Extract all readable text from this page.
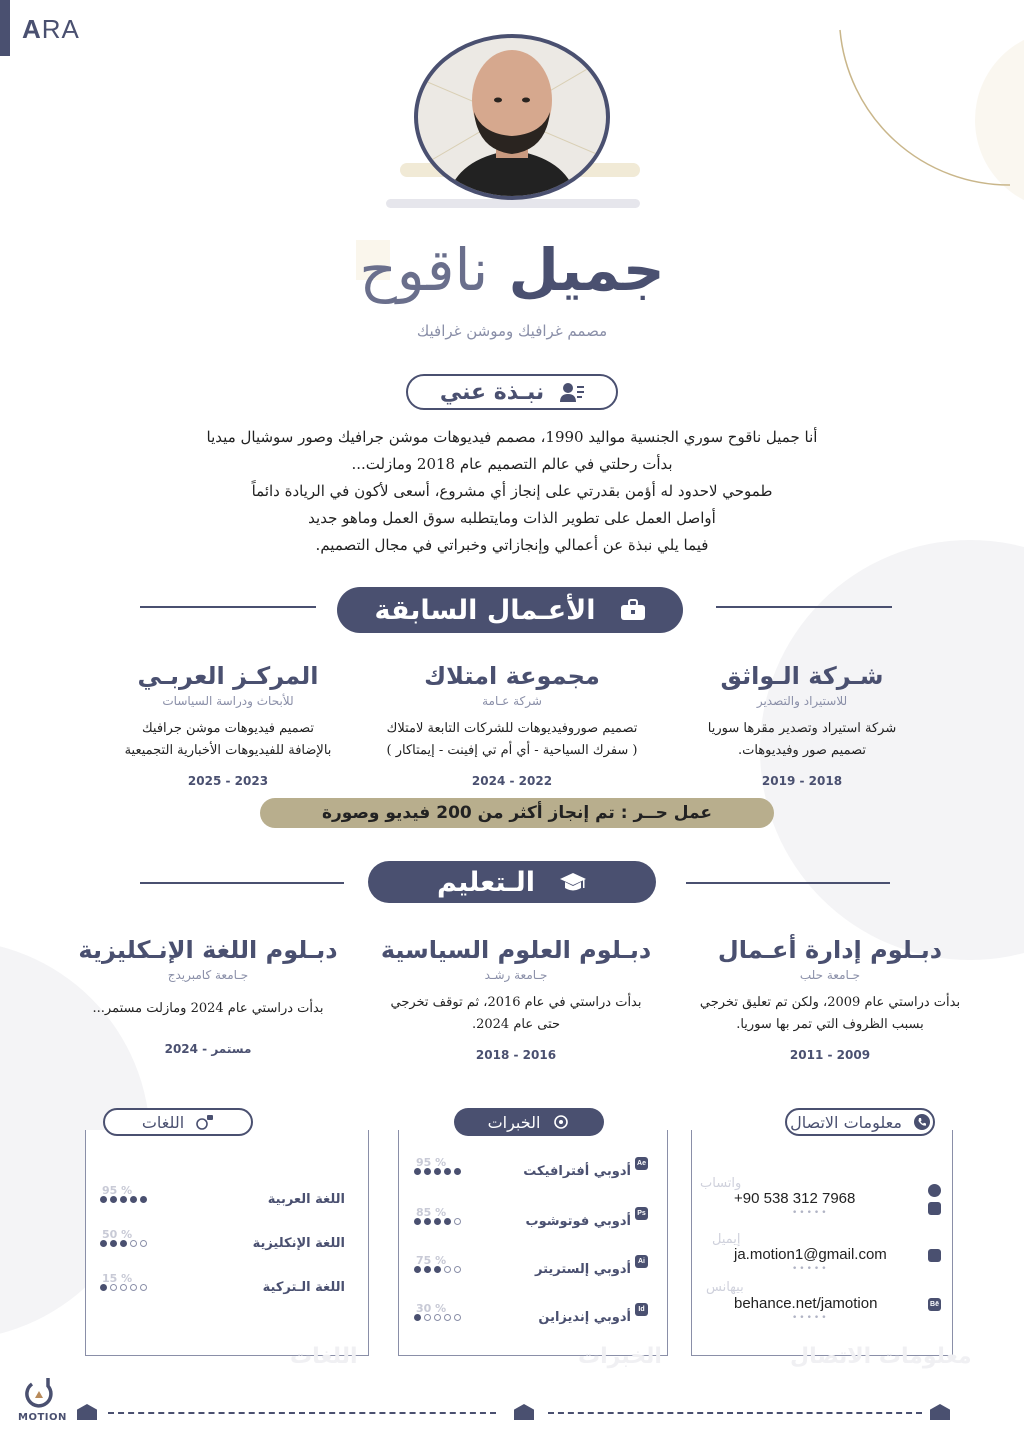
ARA
جميل ناقوح
مصمم غرافيك وموشن غرافيك
نبـذة عني
أنا جميل ناقوح سوري الجنسية مواليد 1990، مصمم فيديوهات موشن جرافيك وصور سوشيال ميديا
بدأت رحلتي في عالم التصميم عام 2018 ومازلت...
طموحي لاحدود له أؤمن بقدرتي على إنجاز أي مشروع، أسعى لأكون في الريادة دائماً
أواصل العمل على تطوير الذات ومايتطلبه سوق العمل وماهو جديد
فيما يلي نبذة عن أعمالي وإنجازاتي وخبراتي في مجال التصميم.
الأعـمال السابقة
شـركة الـواثق
للاستيراد والتصدير
شركة استيراد وتصدير مقرها سوريا
تصميم صور وفيديوهات.
2019 - 2018
مجموعة امتلاك
شركة عـامة
تصميم صوروفيديوهات للشركات التابعة لامتلاك
( سفرك السياحية - أي أم تي إفينت - إيمتاكار )
2024 - 2022
المركـز العربـي
للأبحاث ودراسة السياسات
تصميم فيديوهات موشن جرافيك
بالإضافة للفيديوهات الأخبارية التجميعية
2025 - 2023
عمل حــر : تم إنجاز أكثر من 200 فيديو وصورة
الـتعليم
دبـلوم إدارة أعـمال
جـامعة حلب
بدأت دراستي عام 2009، ولكن تم تعليق تخرجي
بسبب الظروف التي تمر بها سوريا.
2011 - 2009
دبـلوم العلوم السياسية
جـامعة رشـد
بدأت دراستي في عام 2016، ثم توقف تخرجي
حتى عام 2024.
2018 - 2016
دبـلوم اللغة الإنـكليزية
جـامعة كامبريدج
بدأت دراستي عام 2024 ومازلت مستمر...
2024 - مستمر
اللغات	الخبرات	معلومات الاتصال
اللغات	الخبرات	معلومات الاتصال
اللغة العربية
95 %
اللغة الإنكليزية
50 %
اللغة الـتركية
15 %
Ae
أدوبي أفترافيكت
95 %
Ps
أدوبي فوتوشوب
85 %
Ai
أدوبي إلستريتر
75 %
Id
أدوبي إنديزاين
30 %
واتساب
+90 538 312 7968
•••••
إيميل
ja.motion1@gmail.com
•••••
بيهانس
behance.net/jamotion
•••••
Bē
MOTION
